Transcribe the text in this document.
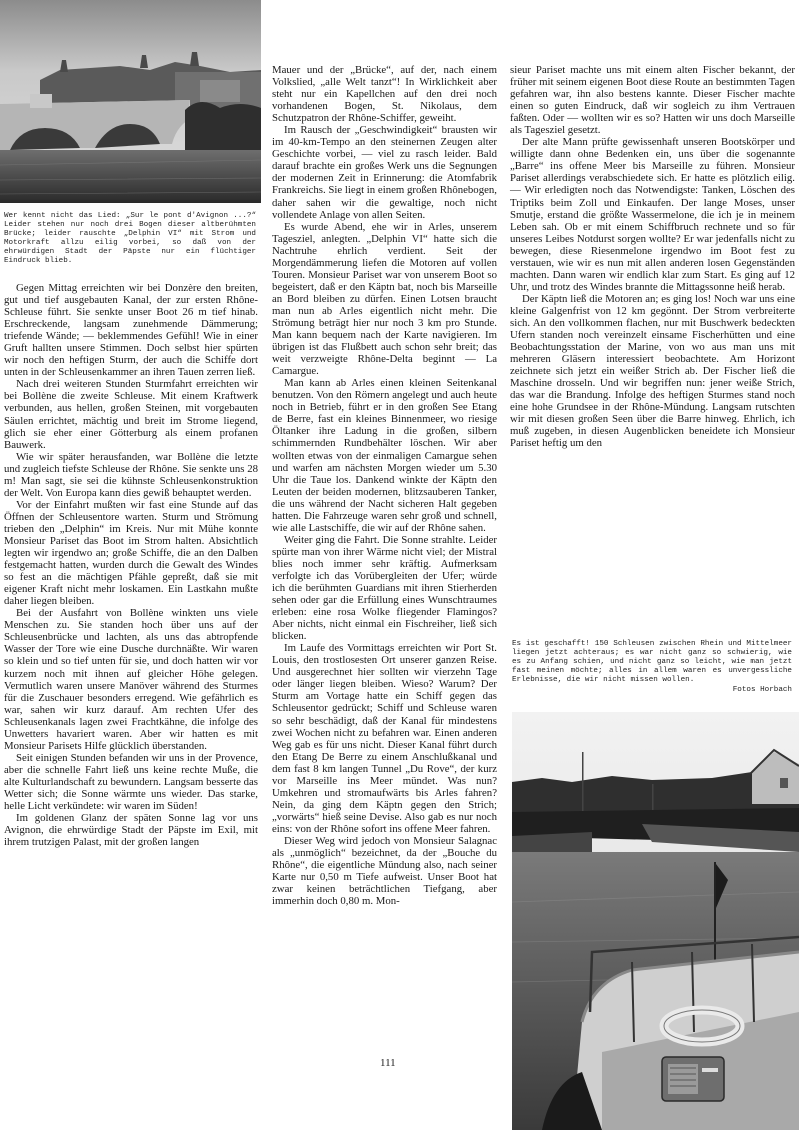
Wer kennt nicht das Lied: „Sur le pont d'Avignon ...?“ Leider stehen nur noch drei Bogen dieser altberühmten Brücke; leider rauschte „Delphin VI“ mit Strom und Motorkraft allzu eilig vorbei, so daß von der ehrwürdigen Stadt der Päpste nur ein flüchtiger Eindruck blieb.

Gegen Mittag erreichten wir bei Donzère den breiten, gut und tief ausgebauten Kanal, der zur ersten Rhône-Schleuse führt. Sie senkte unser Boot 26 m tief hinab. Erschreckende, langsam zunehmende Dämmerung; triefende Wände; — beklemmendes Gefühl! Wie in einer Gruft hallten unsere Stimmen. Doch selbst hier spürten wir noch den heftigen Sturm, der auch die Schiffe dort unten in der Schleusenkammer an ihren Tauen zerren ließ.

Nach drei weiteren Stunden Sturmfahrt erreichten wir bei Bollène die zweite Schleuse. Mit einem Kraftwerk verbunden, aus hellen, großen Steinen, mit vorgebauten Säulen errichtet, mächtig und breit im Strome liegend, glich sie eher einer Götterburg als einem profanen Bauwerk.

Wie wir später herausfanden, war Bollène die letzte und zugleich tiefste Schleuse der Rhône. Sie senkte uns 28 m! Man sagt, sie sei die kühnste Schleusenkonstruktion der Welt. Von Europa kann dies gewiß behauptet werden.

Vor der Einfahrt mußten wir fast eine Stunde auf das Öffnen der Schleusentore warten. Sturm und Strömung trieben den „Delphin“ im Kreis. Nur mit Mühe konnte Monsieur Pariset das Boot im Strom halten. Absichtlich legten wir irgendwo an; große Schiffe, die an den Dalben festgemacht hatten, wurden durch die Gewalt des Windes so fest an die mächtigen Pfähle gepreßt, daß sie mit eigener Kraft nicht mehr loskamen. Ein Lastkahn mußte daher liegen bleiben.

Bei der Ausfahrt von Bollène winkten uns viele Menschen zu. Sie standen hoch über uns auf der Schleusenbrücke und lachten, als uns das abtropfende Wasser der Tore wie eine Dusche durchnäßte. Wir waren so klein und so tief unten für sie, und doch hatten wir vor kurzem noch mit ihnen auf gleicher Höhe gelegen. Vermutlich waren unsere Manöver während des Sturmes für die Zuschauer besonders erregend. Wie gefährlich es war, sahen wir kurz darauf. Am rechten Ufer des Schleusenkanals lagen zwei Frachtkähne, die infolge des Unwetters havariert waren. Aber wir hatten es mit Monsieur Parisets Hilfe glücklich überstanden.

Seit einigen Stunden befanden wir uns in der Provence, aber die schnelle Fahrt ließ uns keine rechte Muße, die alte Kulturlandschaft zu bewundern. Langsam besserte das Wetter sich; die Sonne wärmte uns wieder. Das starke, helle Licht verkündete: wir waren im Süden!

Im goldenen Glanz der späten Sonne lag vor uns Avignon, die ehrwürdige Stadt der Päpste im Exil, mit ihrem trutzigen Palast, mit der großen langen

Mauer und der „Brücke“, auf der, nach einem Volkslied, „alle Welt tanzt“! In Wirklichkeit aber steht nur ein Kapellchen auf den drei noch vorhandenen Bogen, St. Nikolaus, dem Schutzpatron der Rhône-Schiffer, geweiht.

Im Rausch der „Geschwindigkeit“ brausten wir im 40-km-Tempo an den steinernen Zeugen alter Geschichte vorbei, — viel zu rasch leider. Bald darauf brachte ein großes Werk uns die Segnungen der modernen Zeit in Erinnerung: die Atomfabrik Frankreichs. Sie liegt in einem großen Rhônebogen, daher sahen wir die gewaltige, noch nicht vollendete Anlage von allen Seiten.

Es wurde Abend, ehe wir in Arles, unserem Tagesziel, anlegten. „Delphin VI“ hatte sich die Nachtruhe ehrlich verdient. Seit der Morgendämmerung liefen die Motoren auf vollen Touren. Monsieur Pariset war von unserem Boot so begeistert, daß er den Käptn bat, noch bis Marseille an Bord bleiben zu dürfen. Einen Lotsen braucht man nun ab Arles eigentlich nicht mehr. Die Strömung beträgt hier nur noch 3 km pro Stunde. Man kann bequem nach der Karte navigieren. Im übrigen ist das Flußbett auch schon sehr breit; das weit verzweigte Rhône-Delta beginnt — La Camargue.

Man kann ab Arles einen kleinen Seitenkanal benutzen. Von den Römern angelegt und auch heute noch in Betrieb, führt er in den großen See Etang de Berre, fast ein kleines Binnenmeer, wo riesige Öltanker ihre Ladung in die großen, silbern schimmernden Rundbehälter löschen. Wir aber wollten etwas von der einmaligen Camargue sehen und warfen am nächsten Morgen wieder um 5.30 Uhr die Taue los. Dankend winkte der Käptn den Leuten der beiden modernen, blitzsauberen Tanker, die uns während der Nacht sicheren Halt gegeben hatten. Die Fahrzeuge waren sehr groß und schnell, wie alle Lastschiffe, die wir auf der Rhône sahen.

Weiter ging die Fahrt. Die Sonne strahlte. Leider spürte man von ihrer Wärme nicht viel; der Mistral blies noch immer sehr kräftig. Aufmerksam verfolgte ich das Vorübergleiten der Ufer; würde ich die berühmten Guardians mit ihren Stierherden sehen oder gar die Erfüllung eines Wunschtraumes erleben: eine rosa Wolke fliegender Flamingos? Aber nichts, nicht einmal ein Fischreiher, ließ sich blicken.

Im Laufe des Vormittags erreichten wir Port St. Louis, den trostlosesten Ort unserer ganzen Reise. Und ausgerechnet hier sollten wir vierzehn Tage oder länger liegen bleiben. Wieso? Warum? Der Sturm am Vortage hatte ein Schiff gegen das Schleusentor gedrückt; Schiff und Schleuse waren so sehr beschädigt, daß der Kanal für mindestens zwei Wochen nicht zu befahren war. Einen anderen Weg gab es für uns nicht. Dieser Kanal führt durch den Etang De Berre zu einem Anschlußkanal und dem fast 8 km langen Tunnel „Du Rove“, der kurz vor Marseille ins Meer mündet. Was nun? Umkehren und stromaufwärts bis Arles fahren? Nein, da ging dem Käptn gegen den Strich; „vorwärts“ hieß seine Devise. Also gab es nur noch eins: von der Rhône sofort ins offene Meer fahren.

Dieser Weg wird jedoch von Monsieur Salagnac als „unmöglich“ bezeichnet, da der „Bouche du Rhône“, die eigentliche Mündung also, nach seiner Karte nur 0,50 m Tiefe aufweist. Unser Boot hat zwar keinen beträchtlichen Tiefgang, aber immerhin doch 0,80 m. Mon-

sieur Pariset machte uns mit einem alten Fischer bekannt, der früher mit seinem eigenen Boot diese Route an bestimmten Tagen gefahren war, ihn also bestens kannte. Dieser Fischer machte einen so guten Eindruck, daß wir sogleich zu ihm Vertrauen faßten. Oder — wollten wir es so? Hatten wir uns doch Marseille als Tagesziel gesetzt.

Der alte Mann prüfte gewissenhaft unseren Bootskörper und willigte dann ohne Bedenken ein, uns über die sogenannte „Barre“ ins offene Meer bis Marseille zu führen. Monsieur Pariset allerdings verabschiedete sich. Er hatte es plötzlich eilig. — Wir erledigten noch das Notwendigste: Tanken, Löschen des Triptiks beim Zoll und Einkaufen. Der lange Moses, unser Smutje, erstand die größte Wassermelone, die ich je in meinem Leben sah. Ob er mit einem Schiffbruch rechnete und so für unseres Leibes Notdurst sorgen wollte? Er war jedenfalls nicht zu bewegen, diese Riesenmelone irgendwo im Boot fest zu verstauen, wie wir es nun mit allen anderen losen Gegenständen machten. Dann waren wir endlich klar zum Start. Es ging auf 12 Uhr, und trotz des Windes brannte die Mittagssonne heiß herab.

Der Käptn ließ die Motoren an; es ging los! Noch war uns eine kleine Galgenfrist von 12 km gegönnt. Der Strom verbreiterte sich. An den vollkommen flachen, nur mit Buschwerk bedeckten Ufern standen noch vereinzelt einsame Fischerhütten und eine Beobachtungsstation der Marine, von wo aus man uns mit mehreren Gläsern interessiert beobachtete. Am Horizont zeichnete sich jetzt ein weißer Strich ab. Der Fischer ließ die Maschine drosseln. Und wir begriffen nun: jener weiße Strich, das war die Brandung. Infolge des heftigen Sturmes stand noch eine hohe Grundsee in der Rhône-Mündung. Langsam rutschten wir mit diesen großen Seen über die Barre hinweg. Ehrlich, ich muß zugeben, in diesen Augenblicken beneidete ich Monsieur Pariset heftig um den

Es ist geschafft! 150 Schleusen zwischen Rhein und Mittelmeer liegen jetzt achteraus; es war nicht ganz so schwierig, wie es zu Anfang schien, und nicht ganz so leicht, wie man jetzt fast meinen möchte; alles in allem waren es unvergessliche Erlebnisse, die wir nicht missen wollen.

Fotos Horbach
111
